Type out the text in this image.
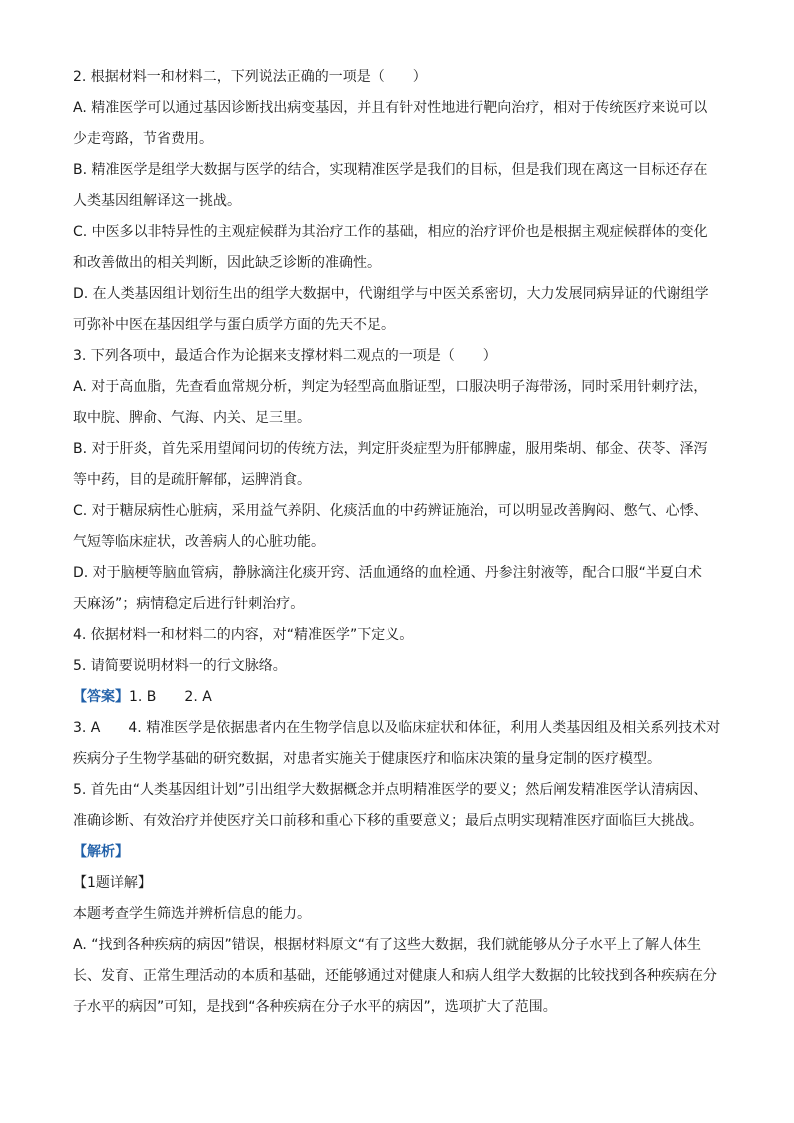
2. 根据材料一和材料二，下列说法正确的一项是（　　）
A. 精准医学可以通过基因诊断找出病变基因，并且有针对性地进行靶向治疗，相对于传统医疗来说可以
少走弯路，节省费用。
B. 精准医学是组学大数据与医学的结合，实现精准医学是我们的目标，但是我们现在离这一目标还存在
人类基因组解译这一挑战。
C. 中医多以非特异性的主观症候群为其治疗工作的基础，相应的治疗评价也是根据主观症候群体的变化
和改善做出的相关判断，因此缺乏诊断的准确性。
D. 在人类基因组计划衍生出的组学大数据中，代谢组学与中医关系密切，大力发展同病异证的代谢组学
可弥补中医在基因组学与蛋白质学方面的先天不足。
3. 下列各项中，最适合作为论据来支撑材料二观点的一项是（　　）
A. 对于高血脂，先查看血常规分析，判定为轻型高血脂证型，口服决明子海带汤，同时采用针刺疗法，
取中脘、脾俞、气海、内关、足三里。
B. 对于肝炎，首先采用望闻问切的传统方法，判定肝炎症型为肝郁脾虚，服用柴胡、郁金、茯苓、泽泻
等中药，目的是疏肝解郁，运脾消食。
C. 对于糖尿病性心脏病，采用益气养阴、化痰活血的中药辨证施治，可以明显改善胸闷、憋气、心悸、
气短等临床症状，改善病人的心脏功能。
D. 对于脑梗等脑血管病，静脉滴注化痰开窍、活血通络的血栓通、丹参注射液等，配合口服“半夏白术
天麻汤”；病情稳定后进行针刺治疗。
4. 依据材料一和材料二的内容，对“精准医学”下定义。
5. 请简要说明材料一的行文脉络。
【答案】1. B 2. A
3. A 4. 精准医学是依据患者内在生物学信息以及临床症状和体征，利用人类基因组及相关系列技术对
疾病分子生物学基础的研究数据，对患者实施关于健康医疗和临床决策的量身定制的医疗模型。
5. 首先由“人类基因组计划”引出组学大数据概念并点明精准医学的要义；然后阐发精准医学认清病因、
准确诊断、有效治疗并使医疗关口前移和重心下移的重要意义；最后点明实现精准医疗面临巨大挑战。
【解析】
【1题详解】
本题考查学生筛选并辨析信息的能力。
A. “找到各种疾病的病因”错误，根据材料原文“有了这些大数据，我们就能够从分子水平上了解人体生
长、发育、正常生理活动的本质和基础，还能够通过对健康人和病人组学大数据的比较找到各种疾病在分
子水平的病因”可知，是找到“各种疾病在分子水平的病因”，选项扩大了范围。
